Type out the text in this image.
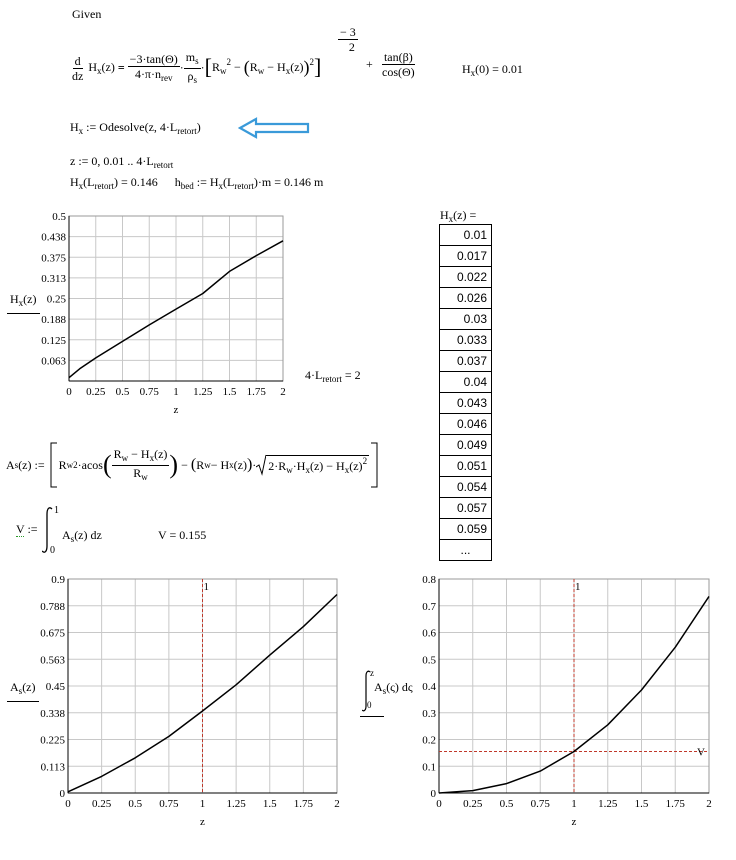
Given
$\frac{d}{dz} H_x(z) = \frac{-3\cdot\tan(\Theta)}{4\cdot\pi\cdot n_{rev}} \cdot \frac{m_s}{\rho_s} \cdot[R_w^2 - (R_w - H_x(z))^2]$
$\frac{- 3}{2}$
+ $\frac{\tan(\beta)}{\cos(\Theta)}$	$H_x(0) = 0.01$
$H_x$ := Odesolve(z, $4\cdot L_{retort}$)
z := 0, 0.01 .. $4\cdot L_{retort}$
$H_x(L_{retort}) = 0.146$ $h_{bed}$ := $H_x(L_{retort})\cdot m = 0.146$ m
$H_x(z)$ =
0.01
0.017
0.022
0.026
0.03
0.033
0.037
0.04
0.043
0.046
0.049
0.051
0.054
0.057
0.059
...
$4\cdot L_{retort} = 2$
A s (z) := R w 2 ·acos ( $\frac{R_w - H_x(z)}{R_w}$ ) − ( R w − H x (z) ) · $2\cdot R_w\cdot H_x(z) - H_x(z)^2$
V :=
1
0
$A_s(z)$ dz	V = 0.155
$H_x(z)$
$A_s(z)$
z
0
$A_s(\varsigma)$ dς
0 0.25 0.5 0.75 1 1.25 1.5 1.75 2
0.063
0.125
0.188
0.25
0.313
0.375
0.438
0.5
z
0 0.25 0.5 0.75 1 1.25 1.5 1.75 2
0.113
0.225
0.338
0.45
0.563
0.675
0.788
0.9
0
z
1
0 0.25 0.5 0.75 1 1.25 1.5 1.75 2
0.1
0.2
0.3
0.4
0.5
0.6
0.7
0.8
0
z
1
V
